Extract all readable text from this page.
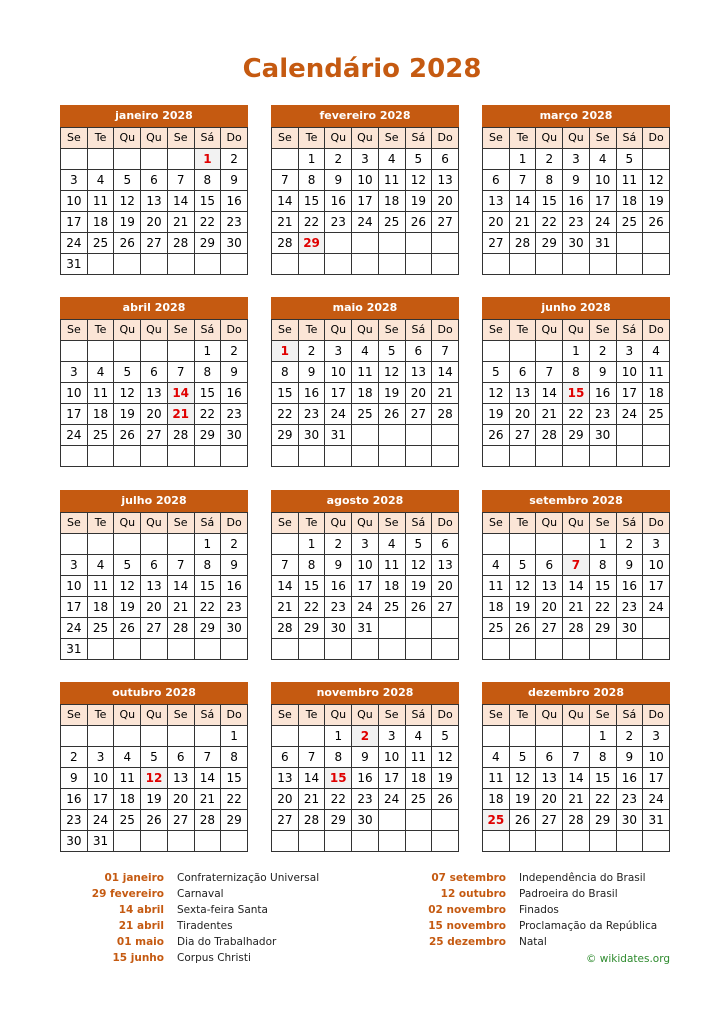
Calendário 2028
janeiro 2028
Se	Te	Qu	Qu	Se	Sá	Do
					1	2
3	4	5	6	7	8	9
10	11	12	13	14	15	16
17	18	19	20	21	22	23
24	25	26	27	28	29	30
31						
fevereiro 2028
Se	Te	Qu	Qu	Se	Sá	Do
	1	2	3	4	5	6
7	8	9	10	11	12	13
14	15	16	17	18	19	20
21	22	23	24	25	26	27
28	29					

março 2028
Se	Te	Qu	Qu	Se	Sá	Do
	1	2	3	4	5	
6	7	8	9	10	11	12
13	14	15	16	17	18	19
20	21	22	23	24	25	26
27	28	29	30	31		

abril 2028
Se	Te	Qu	Qu	Se	Sá	Do
					1	2
3	4	5	6	7	8	9
10	11	12	13	14	15	16
17	18	19	20	21	22	23
24	25	26	27	28	29	30

maio 2028
Se	Te	Qu	Qu	Se	Sá	Do
1	2	3	4	5	6	7
8	9	10	11	12	13	14
15	16	17	18	19	20	21
22	23	24	25	26	27	28
29	30	31				

junho 2028
Se	Te	Qu	Qu	Se	Sá	Do
			1	2	3	4
5	6	7	8	9	10	11
12	13	14	15	16	17	18
19	20	21	22	23	24	25
26	27	28	29	30		

julho 2028
Se	Te	Qu	Qu	Se	Sá	Do
					1	2
3	4	5	6	7	8	9
10	11	12	13	14	15	16
17	18	19	20	21	22	23
24	25	26	27	28	29	30
31						
agosto 2028
Se	Te	Qu	Qu	Se	Sá	Do
	1	2	3	4	5	6
7	8	9	10	11	12	13
14	15	16	17	18	19	20
21	22	23	24	25	26	27
28	29	30	31			

setembro 2028
Se	Te	Qu	Qu	Se	Sá	Do
				1	2	3
4	5	6	7	8	9	10
11	12	13	14	15	16	17
18	19	20	21	22	23	24
25	26	27	28	29	30	

outubro 2028
Se	Te	Qu	Qu	Se	Sá	Do
						1
2	3	4	5	6	7	8
9	10	11	12	13	14	15
16	17	18	19	20	21	22
23	24	25	26	27	28	29
30	31					
novembro 2028
Se	Te	Qu	Qu	Se	Sá	Do
		1	2	3	4	5
6	7	8	9	10	11	12
13	14	15	16	17	18	19
20	21	22	23	24	25	26
27	28	29	30			

dezembro 2028
Se	Te	Qu	Qu	Se	Sá	Do
				1	2	3
4	5	6	7	8	9	10
11	12	13	14	15	16	17
18	19	20	21	22	23	24
25	26	27	28	29	30	31

01 janeiro Confraternização Universal
29 fevereiro Carnaval
14 abril Sexta-feira Santa
21 abril Tiradentes
01 maio Dia do Trabalhador
15 junho Corpus Christi
07 setembro Independência do Brasil
12 outubro Padroeira do Brasil
02 novembro Finados
15 novembro Proclamação da República
25 dezembro Natal
© wikidates.org
